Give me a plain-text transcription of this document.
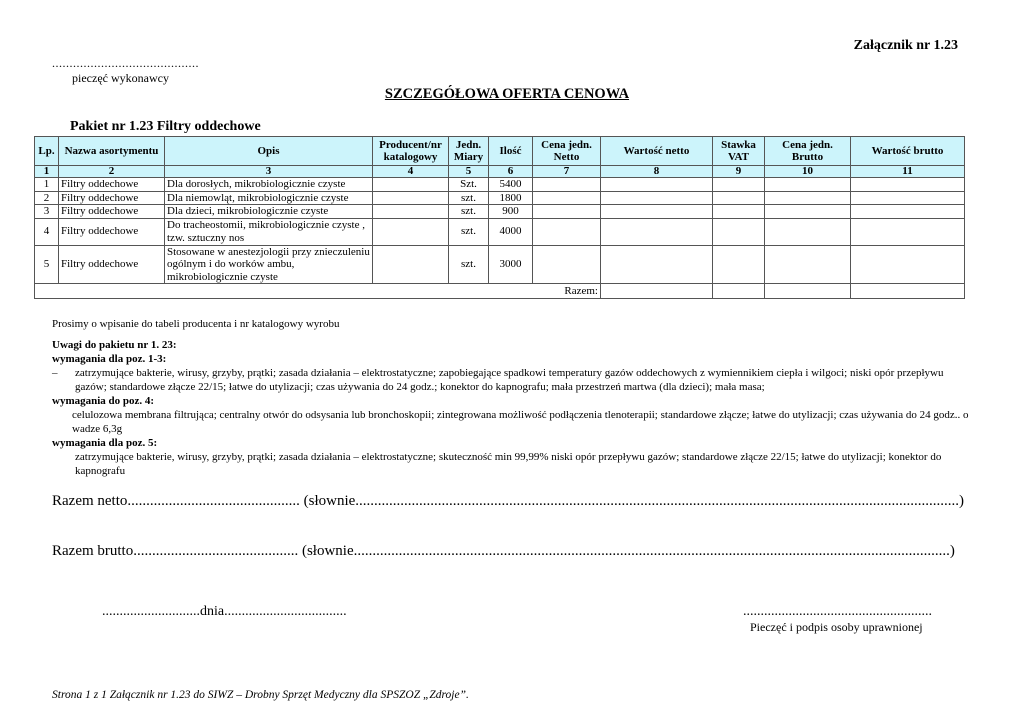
Załącznik nr 1.23
..........................................
pieczęć wykonawcy
SZCZEGÓŁOWA OFERTA CENOWA
Pakiet nr 1.23 Filtry oddechowe
Lp.	Nazwa asortymentu	Opis	Producent/nr katalogowy	Jedn. Miary	Ilość	Cena jedn. Netto	Wartość netto	Stawka VAT	Cena jedn. Brutto	Wartość brutto
1	2	3	4	5	6	7	8	9	10	11
1	Filtry oddechowe	Dla dorosłych, mikrobiologicznie czyste		Szt.	5400					
2	Filtry oddechowe	Dla niemowląt, mikrobiologicznie czyste		szt.	1800					
3	Filtry oddechowe	Dla dzieci, mikrobiologicznie czyste		szt.	900					
4	Filtry oddechowe	Do tracheostomii, mikrobiologicznie czyste , tzw. sztuczny nos		szt.	4000					
5	Filtry oddechowe	Stosowane w anestezjologii przy znieczuleniu ogólnym i do worków ambu, mikrobiologicznie czyste		szt.	3000					
Razem:										
Prosimy o wpisanie do tabeli producenta i nr katalogowy wyrobu
Uwagi do pakietu nr 1. 23:
wymagania dla poz. 1-3:
– zatrzymujące bakterie, wirusy, grzyby, prątki; zasada działania – elektrostatyczne; zapobiegające spadkowi temperatury gazów oddechowych z wymiennikiem ciepła i wilgoci; niski opór przepływu gazów; standardowe złącze 22/15; łatwe do utylizacji; czas używania do 24 godz.; konektor do kapnografu; mała przestrzeń martwa (dla dzieci); mała masa;
wymagania do poz. 4:
celulozowa membrana filtrująca; centralny otwór do odsysania lub bronchoskopii; zintegrowana możliwość podłączenia tlenoterapii; standardowe złącze; łatwe do utylizacji; czas używania do 24 godz.. o wadze 6,3g
wymagania dla poz. 5:
zatrzymujące bakterie, wirusy, grzyby, prątki; zasada działania – elektrostatyczne; skuteczność min 99,99% niski opór przepływu gazów; standardowe złącze 22/15; łatwe do utylizacji; konektor do kapnografu
Razem netto.............................................. (słownie.................................................................................................................................................................)
Razem brutto............................................ (słownie...............................................................................................................................................................)
............................dnia...................................	......................................................
Pieczęć i podpis osoby uprawnionej
Strona 1 z 1 Załącznik nr 1.23 do SIWZ – Drobny Sprzęt Medyczny dla SPSZOZ „Zdroje”.
